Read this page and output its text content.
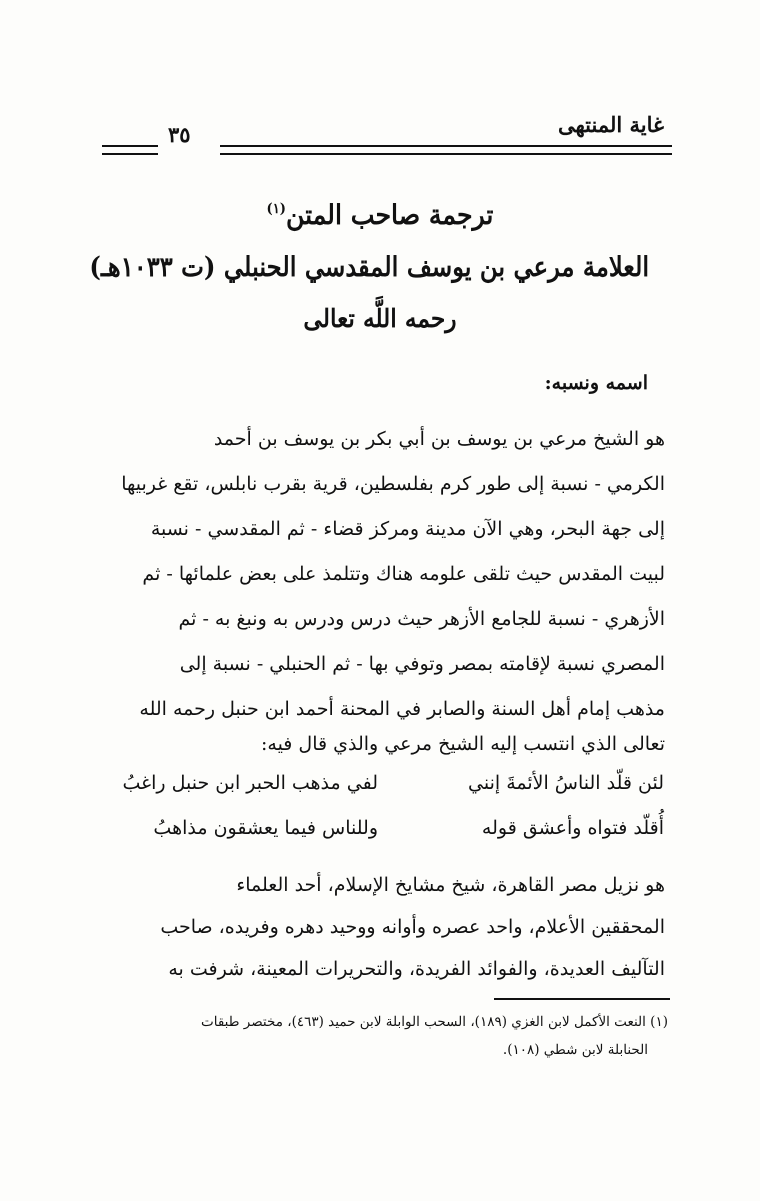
غاية المنتهى
٣٥
ترجمة صاحب المتن$^{(١)}$
العلامة مرعي بن يوسف المقدسي الحنبلي (ت ١٠٣٣هـ)
رحمه اللَّه تعالى
اسمه ونسبه:
هو الشيخ مرعي بن يوسف بن أبي بكر بن يوسف بن أحمد
الكرمي - نسبة إلى طور كرم بفلسطين، قرية بقرب نابلس، تقع غربيها
إلى جهة البحر، وهي الآن مدينة ومركز قضاء - ثم المقدسي - نسبة
لبيت المقدس حيث تلقى علومه هناك وتتلمذ على بعض علمائها - ثم
الأزهري - نسبة للجامع الأزهر حيث درس ودرس به ونبغ به - ثم
المصري نسبة لإقامته بمصر وتوفي بها - ثم الحنبلي - نسبة إلى
مذهب إمام أهل السنة والصابر في المحنة أحمد ابن حنبل رحمه الله
تعالى الذي انتسب إليه الشيخ مرعي والذي قال فيه:
لئن قلّد الناسُ الأئمةَ إنني
لفي مذهب الحبر ابن حنبل راغبُ
أُقلّد فتواه وأعشق قوله
وللناس فيما يعشقون مذاهبُ
هو نزيل مصر القاهرة، شيخ مشايخ الإسلام، أحد العلماء
المحققين الأعلام، واحد عصره وأوانه ووحيد دهره وفريده، صاحب
التآليف العديدة، والفوائد الفريدة، والتحريرات المعينة، شرفت به
(١) النعت الأكمل لابن الغزي (١٨٩)، السحب الوابلة لابن حميد (٤٦٣)، مختصر طبقات
الحنابلة لابن شطي (١٠٨).
